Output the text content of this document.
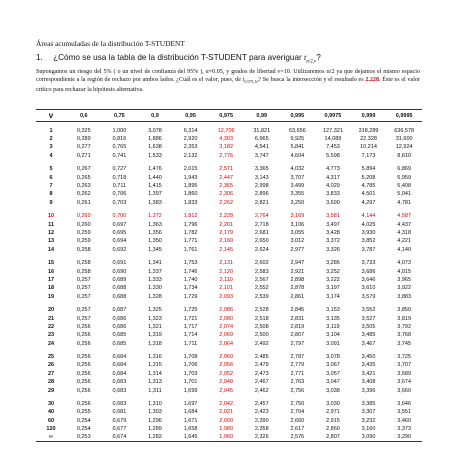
Áreas acumuladas de la distribución T-STUDENT
1. ¿Cómo se usa la tabla de la distribución T-STUDENT para averiguar $t_{\alpha/2,\nu}$?
Supongamos un riesgo del 5% ( o un nivel de confianza del 95% ), α=0.05, y grados de libertad ν=10. Utilizaremos α/2 ya que dejamos el mismo espacio correspondiente a la región de rechazo por ambos lados. ¿Cuál es el valor, pues, de $t_{0.975,10}$? Se busca la intersección y el resultado es 2.228. Éste es el valor crítico para rechazar la hipótesis alternativa.
ν	0,6	0,75	0,9	0,95	0,975	0,99	0,995	0,9975	0,999	0,9995

1	0,325	1,000	3,078	6,314	12,706	31,821	63,656	127,321	318,289	636,578
2	0,289	0,816	1,886	2,920	4,303	6,965	9,925	14,089	22,328	31,600
3	0,277	0,765	1,638	2,353	3,182	4,541	5,841	7,453	10,214	12,924
4	0,271	0,741	1,533	2,132	2,776	3,747	4,604	5,598	7,173	8,610

5	0,267	0,727	1,476	2,015	2,571	3,365	4,032	4,773	5,894	6,869
6	0,265	0,718	1,440	1,943	2,447	3,143	3,707	4,317	5,208	5,959
7	0,263	0,711	1,415	1,895	2,365	2,998	3,499	4,029	4,785	5,408
8	0,262	0,706	1,397	1,860	2,306	2,896	3,355	3,833	4,501	5,041
9	0,261	0,703	1,383	1,833	2,262	2,821	3,250	3,690	4,297	4,781

10	0,260	0,700	1,372	1,812	2,228	2,764	3,169	3,581	4,144	4,587
11	0,260	0,697	1,363	1,796	2,201	2,718	3,106	3,497	4,025	4,437
12	0,259	0,695	1,356	1,782	2,179	2,681	3,055	3,428	3,930	4,318
13	0,259	0,694	1,350	1,771	2,160	2,650	3,012	3,372	3,852	4,221
14	0,258	0,692	1,345	1,761	2,145	2,624	2,977	3,326	3,787	4,140

15	0,258	0,691	1,341	1,753	2,131	2,602	2,947	3,286	3,733	4,073
16	0,258	0,690	1,337	1,746	2,120	2,583	2,921	3,252	3,686	4,015
17	0,257	0,689	1,333	1,740	2,110	2,567	2,898	3,222	3,646	3,965
18	0,257	0,688	1,330	1,734	2,101	2,552	2,878	3,197	3,610	3,922
19	0,257	0,688	1,328	1,729	2,093	2,539	2,861	3,174	3,579	3,883

20	0,257	0,687	1,325	1,725	2,086	2,528	2,845	3,153	3,552	3,850
21	0,257	0,686	1,323	1,721	2,080	2,518	2,831	3,135	3,527	3,819
22	0,256	0,686	1,321	1,717	2,074	2,508	2,819	3,119	3,505	3,792
23	0,256	0,685	1,319	1,714	2,069	2,500	2,807	3,104	3,485	3,768
24	0,256	0,685	1,318	1,711	2,064	2,492	2,797	3,091	3,467	3,745

25	0,256	0,684	1,316	1,708	2,060	2,485	2,787	3,078	3,450	3,725
26	0,256	0,684	1,315	1,706	2,056	2,479	2,779	3,067	3,435	3,707
27	0,256	0,684	1,314	1,703	2,052	2,473	2,771	3,057	3,421	3,689
28	0,256	0,683	1,313	1,701	2,048	2,467	2,763	3,047	3,408	3,674
29	0,256	0,683	1,311	1,699	2,045	2,462	2,756	3,038	3,396	3,660

30	0,256	0,683	1,310	1,697	2,042	2,457	2,750	3,030	3,385	3,646
40	0,255	0,681	1,303	1,684	2,021	2,423	2,704	2,971	3,307	3,551
60	0,254	0,679	1,296	1,671	2,000	2,390	2,660	2,915	3,232	3,460
120	0,254	0,677	1,289	1,658	1,980	2,358	2,617	2,860	3,160	3,373
∞	0,253	0,674	1,282	1,645	1,960	2,326	2,576	2,807	3,090	3,290
